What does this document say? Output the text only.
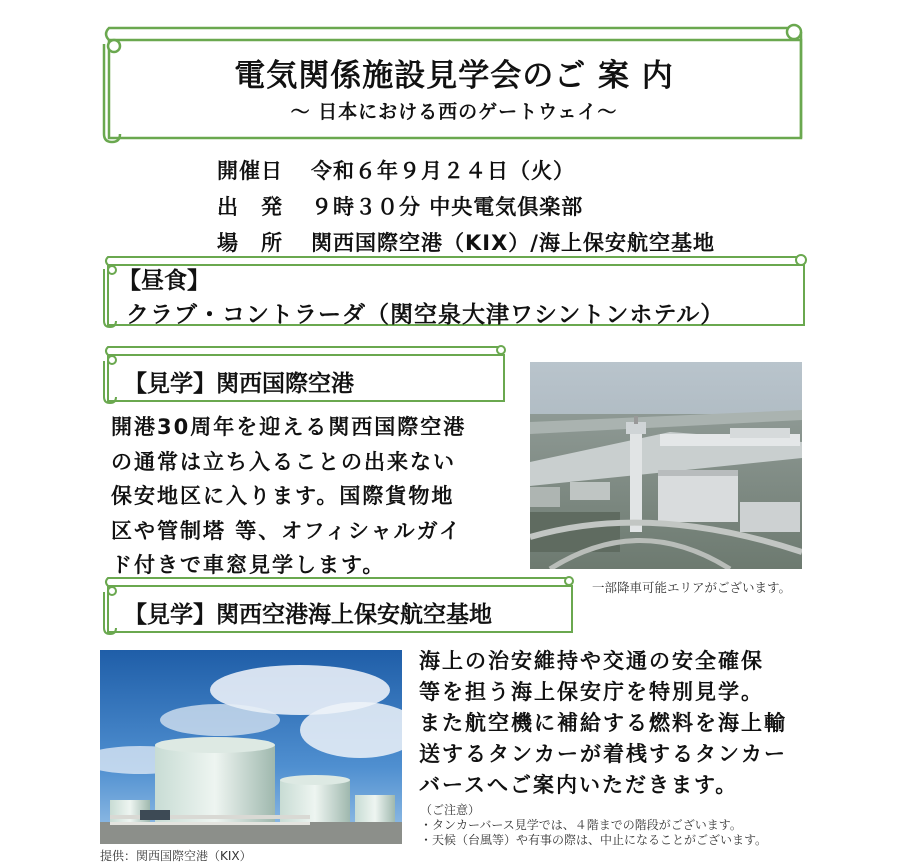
電気関係施設見学会のご 案 内
～ 日本における西のゲートウェイ～
開催日 令和６年９月２４日（火）
出　発 ９時３０分 中央電気倶楽部
場　所 関西国際空港（KIX）/海上保安航空基地
【昼食】
クラブ・コントラーダ（関空泉大津ワシントンホテル）
【見学】関西国際空港
開港30周年を迎える関西国際空港
の通常は立ち入ることの出来ない
保安地区に入ります。国際貨物地
区や管制塔 等、オフィシャルガイ
ド付きで車窓見学します。
一部降車可能エリアがございます。
【見学】関西空港海上保安航空基地
提供：関西国際空港（KIX）
海上の治安維持や交通の安全確保
等を担う海上保安庁を特別見学。
また航空機に補給する燃料を海上輸
送するタンカーが着桟するタンカー
バースへご案内いただきます。
（ご注意）
・タンカーバース見学では、４階までの階段がございます。
・天候（台風等）や有事の際は、中止になることがございます。
